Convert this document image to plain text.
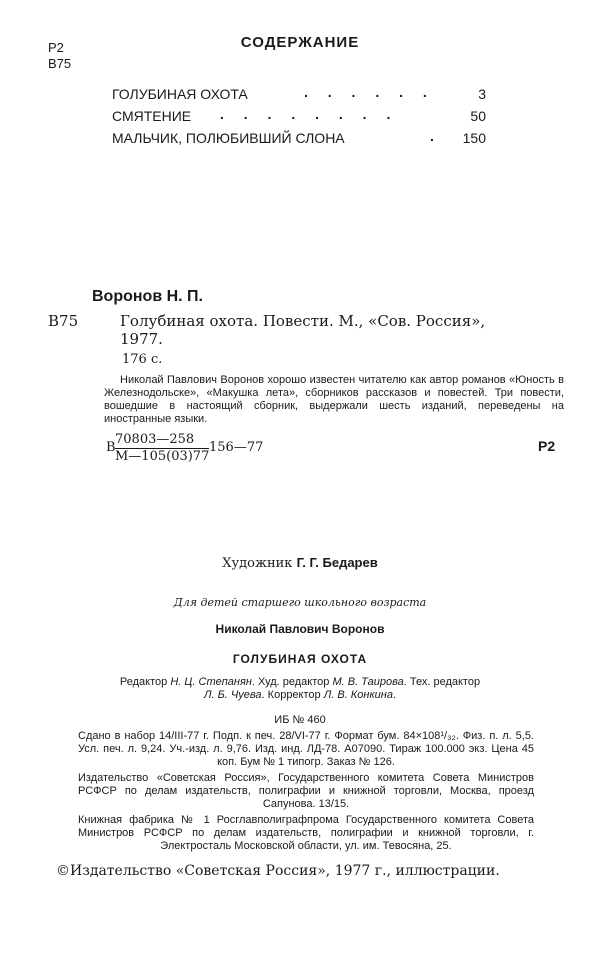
СОДЕРЖАНИЕ
Р2
В75
ГОЛУБИНАЯ ОХОТА	. . . . . .	3
СМЯТЕНИЕ . . . . . . . .	50
МАЛЬЧИК, ПОЛЮБИВШИЙ СЛОНА	. 150
Воронов Н. П.
В75	Голубиная охота. Повести. М., «Сов. Россия»,
1977.
176 с.
Николай Павлович Воронов хорошо известен читателю как автор романов «Юность в Железнодольске», «Макушка лета», сборников рассказов и повестей. Три повести, вошедшие в настоящий сборник, выдержали шесть изданий, переведены на иностранные языки.
В
70803—258
М—105(03)77
156—77	Р2
Художник Г. Г. Бедарев
Для детей старшего школьного возраста
Николай Павлович Воронов
ГОЛУБИНАЯ ОХОТА
Редактор Н. Ц. Степанян. Худ. редактор М. В. Таирова. Тех. редактор
Л. Б. Чуева. Корректор Л. В. Конкина.
ИБ № 460
Сдано в набор 14/III-77 г. Подп. к печ. 28/VI-77 г. Формат бум. 84×108¹/₃₂. Физ. п. л. 5,5. Усл. печ. л. 9,24. Уч.-изд. л. 9,76. Изд. инд. ЛД-78. А07090. Тираж 100.000 экз. Цена 45 коп. Бум № 1 типогр. Заказ № 126.
Издательство «Советская Россия», Государственного комитета Совета Министров РСФСР по делам издательств, полиграфии и книжной торговли, Москва, проезд Сапунова. 13/15.
Книжная фабрика № 1 Росглавполиграфпрома Государственного комитета Совета Министров РСФСР по делам издательств, полиграфии и книжной торговли, г. Электросталь Московской области, ул. им. Тевосяна, 25.
©Издательство «Советская Россия», 1977 г., иллюстрации.
